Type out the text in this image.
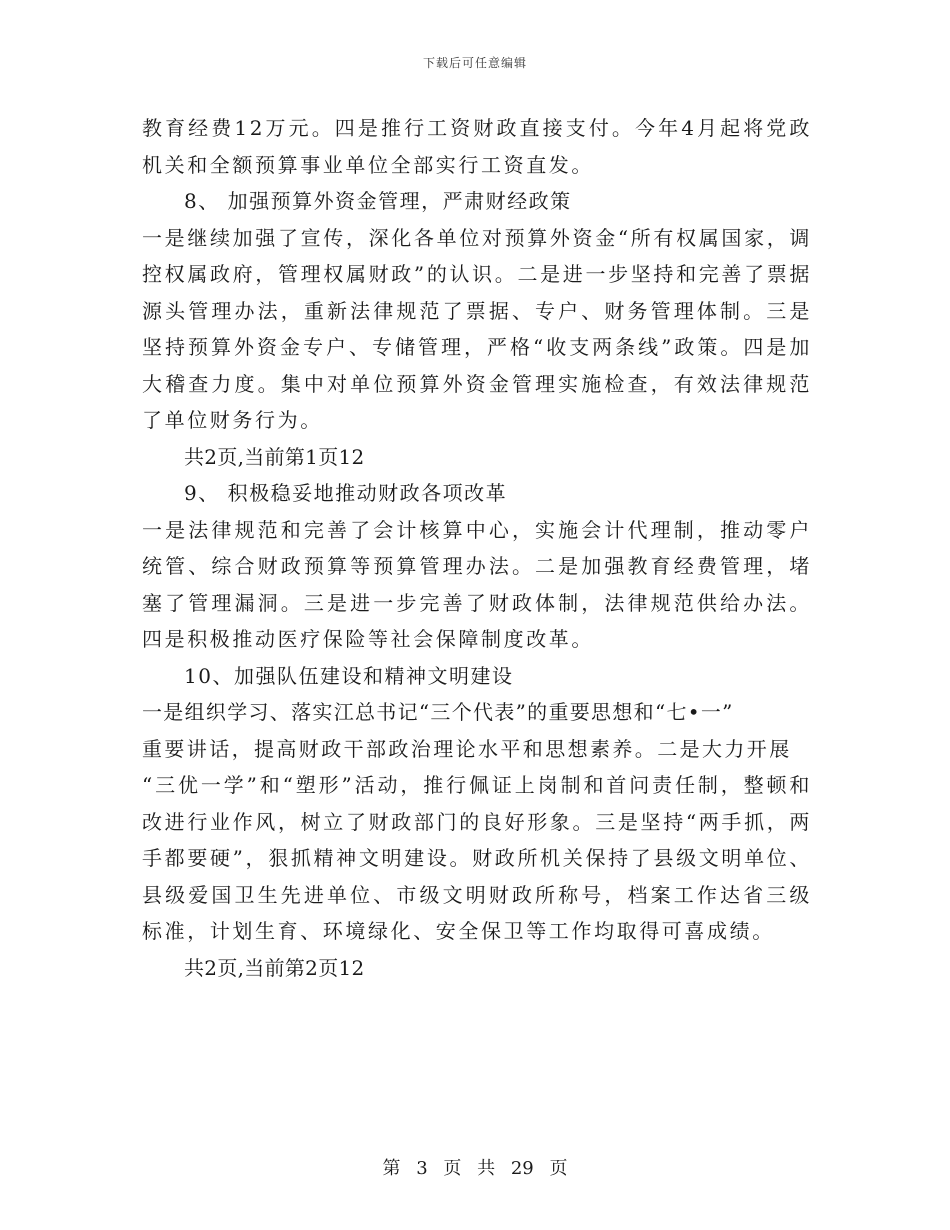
下载后可任意编辑

教育经费12万元。四是推行工资财政直接支付。今年4月起将党政机关和全额预算事业单位全部实行工资直发。

8、 加强预算外资金管理，严肃财经政策

一是继续加强了宣传，深化各单位对预算外资金“所有权属国家，调控权属政府，管理权属财政”的认识。二是进一步坚持和完善了票据源头管理办法，重新法律规范了票据、专户、财务管理体制。三是坚持预算外资金专户、专储管理，严格“收支两条线”政策。四是加大稽查力度。集中对单位预算外资金管理实施检查，有效法律规范了单位财务行为。

共2页,当前第1页12

9、 积极稳妥地推动财政各项改革

一是法律规范和完善了会计核算中心，实施会计代理制，推动零户统管、综合财政预算等预算管理办法。二是加强教育经费管理，堵塞了管理漏洞。三是进一步完善了财政体制，法律规范供给办法。四是积极推动医疗保险等社会保障制度改革。

10、加强队伍建设和精神文明建设

一是组织学习、落实江总书记“三个代表”的重要思想和“七•一”

重要讲话，提高财政干部政治理论水平和思想素养。二是大力开展

“三优一学”和“塑形”活动，推行佩证上岗制和首问责任制，整顿和改进行业作风，树立了财政部门的良好形象。三是坚持“两手抓，两手都要硬”，狠抓精神文明建设。财政所机关保持了县级文明单位、县级爱国卫生先进单位、市级文明财政所称号，档案工作达省三级标准，计划生育、环境绿化、安全保卫等工作均取得可喜成绩。

共2页,当前第2页12

第 3 页 共 29 页
